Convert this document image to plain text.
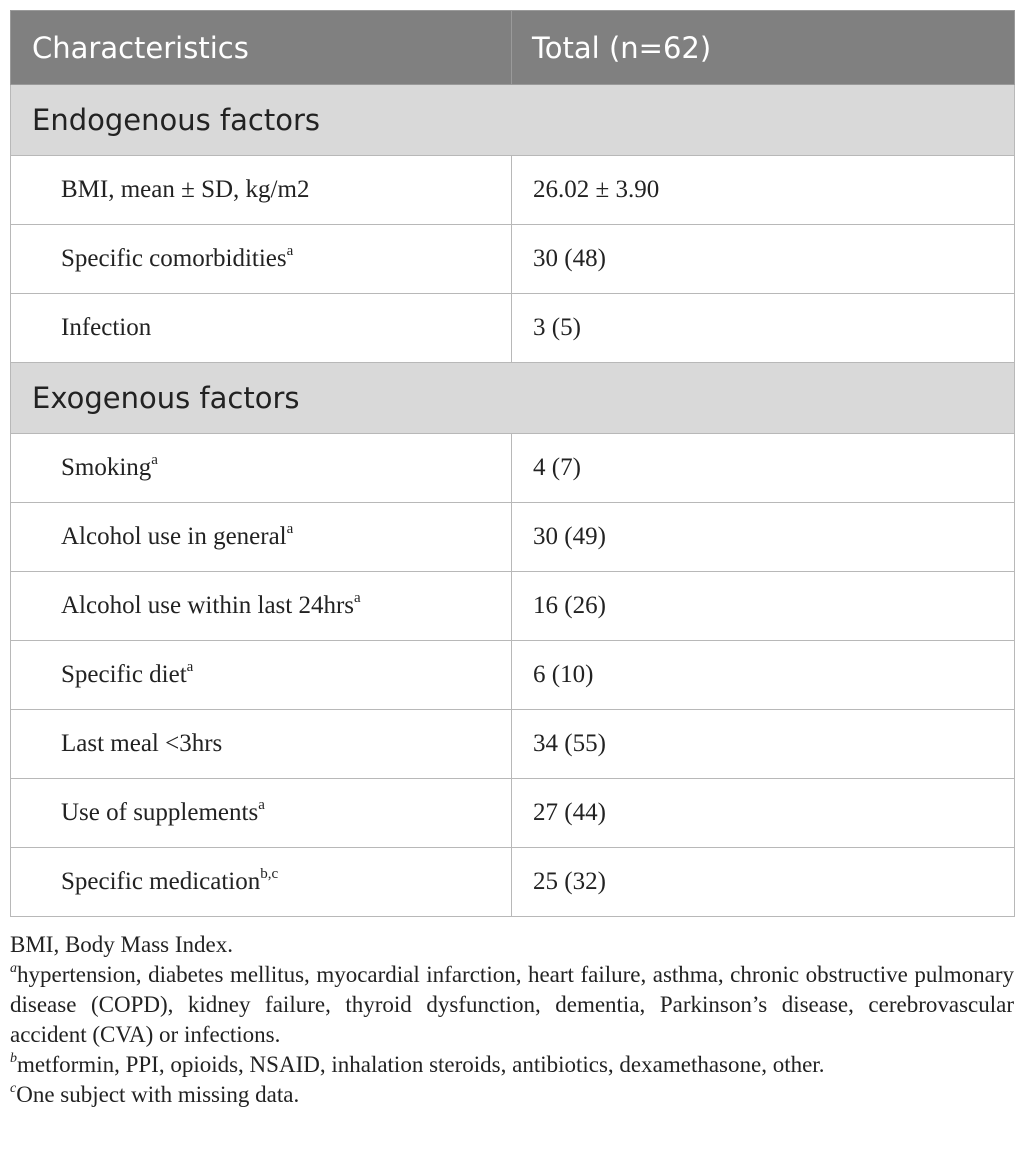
Characteristics	Total (n=62)
Endogenous factors	
BMI, mean ± SD, kg/m2	26.02 ± 3.90
Specific comorbidities$^a$	30 (48)
Infection	3 (5)
Exogenous factors	
Smoking$^a$	4 (7)
Alcohol use in general$^a$	30 (49)
Alcohol use within last 24hrs$^a$	16 (26)
Specific diet$^a$	6 (10)
Last meal <3hrs	34 (55)
Use of supplements$^a$	27 (44)
Specific medication$^{b,c}$	25 (32)

BMI, Body Mass Index.

$^a$hypertension, diabetes mellitus, myocardial infarction, heart failure, asthma, chronic obstructive pulmonary disease (COPD), kidney failure, thyroid dysfunction, dementia, Parkinson’s disease, cerebrovascular accident (CVA) or infections.

$^b$metformin, PPI, opioids, NSAID, inhalation steroids, antibiotics, dexamethasone, other.

$^c$One subject with missing data.
